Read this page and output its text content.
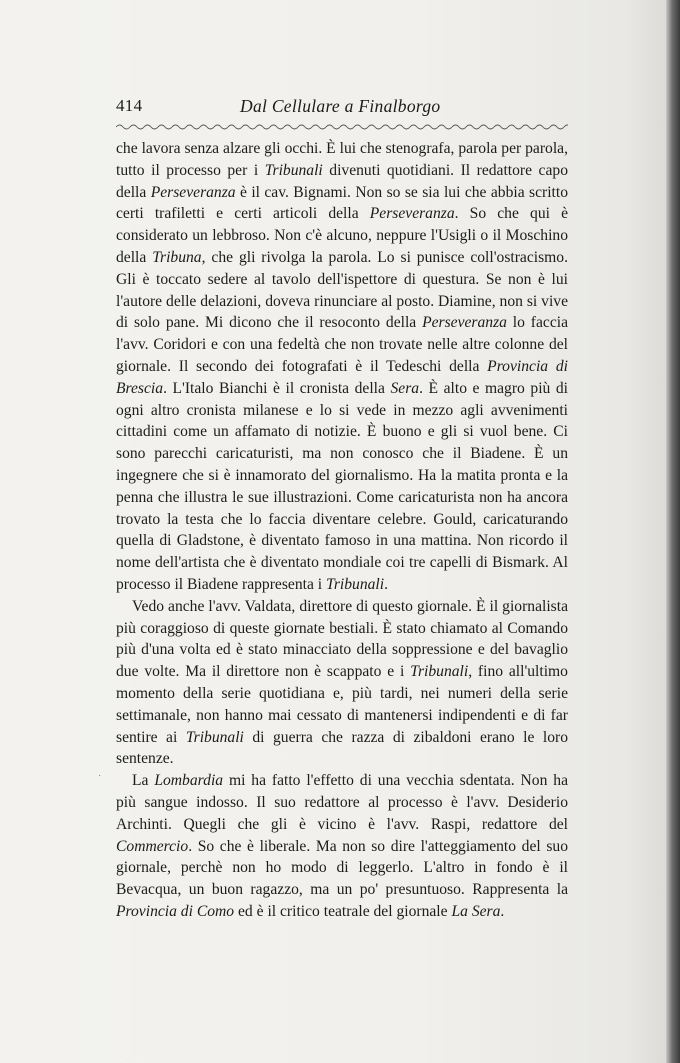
414	Dal Cellulare a Finalborgo

che lavora senza alzare gli occhi. È lui che stenografa, parola per parola, tutto il processo per i Tribunali divenuti quotidiani. Il redattore capo della Perseveranza è il cav. Bignami. Non so se sia lui che abbia scritto certi trafiletti e certi articoli della Perseveranza. So che qui è considerato un lebbroso. Non c'è alcuno, neppure l'Usigli o il Moschino della Tribuna, che gli rivolga la parola. Lo si punisce coll'ostracismo. Gli è toccato sedere al tavolo dell'ispettore di questura. Se non è lui l'autore delle delazioni, doveva rinunciare al posto. Diamine, non si vive di solo pane. Mi dicono che il resoconto della Perseveranza lo faccia l'avv. Coridori e con una fedeltà che non trovate nelle altre colonne del giornale. Il secondo dei fotografati è il Tedeschi della Provincia di Brescia. L'Italo Bianchi è il cronista della Sera. È alto e magro più di ogni altro cronista milanese e lo si vede in mezzo agli avvenimenti cittadini come un affamato di notizie. È buono e gli si vuol bene. Ci sono parecchi caricaturisti, ma non conosco che il Biadene. È un ingegnere che si è innamorato del giornalismo. Ha la matita pronta e la penna che illustra le sue illustrazioni. Come caricaturista non ha ancora trovato la testa che lo faccia diventare celebre. Gould, caricaturando quella di Gladstone, è diventato famoso in una mattina. Non ricordo il nome dell'artista che è diventato mondiale coi tre capelli di Bismark. Al processo il Biadene rappresenta i Tribunali.

Vedo anche l'avv. Valdata, direttore di questo giornale. È il giornalista più coraggioso di queste giornate bestiali. È stato chiamato al Comando più d'una volta ed è stato minacciato della soppressione e del bavaglio due volte. Ma il direttore non è scappato e i Tribunali, fino all'ultimo momento della serie quotidiana e, più tardi, nei numeri della serie settimanale, non hanno mai cessato di mantenersi indipendenti e di far sentire ai Tribunali di guerra che razza di zibaldoni erano le loro sentenze.

La Lombardia mi ha fatto l'effetto di una vecchia sdentata. Non ha più sangue indosso. Il suo redattore al processo è l'avv. Desiderio Archinti. Quegli che gli è vicino è l'avv. Raspi, redattore del Commercio. So che è liberale. Ma non so dire l'atteggiamento del suo giornale, perchè non ho modo di leggerlo. L'altro in fondo è il Bevacqua, un buon ragazzo, ma un po' presuntuoso. Rappresenta la Provincia di Como ed è il critico teatrale del giornale La Sera.

˙
